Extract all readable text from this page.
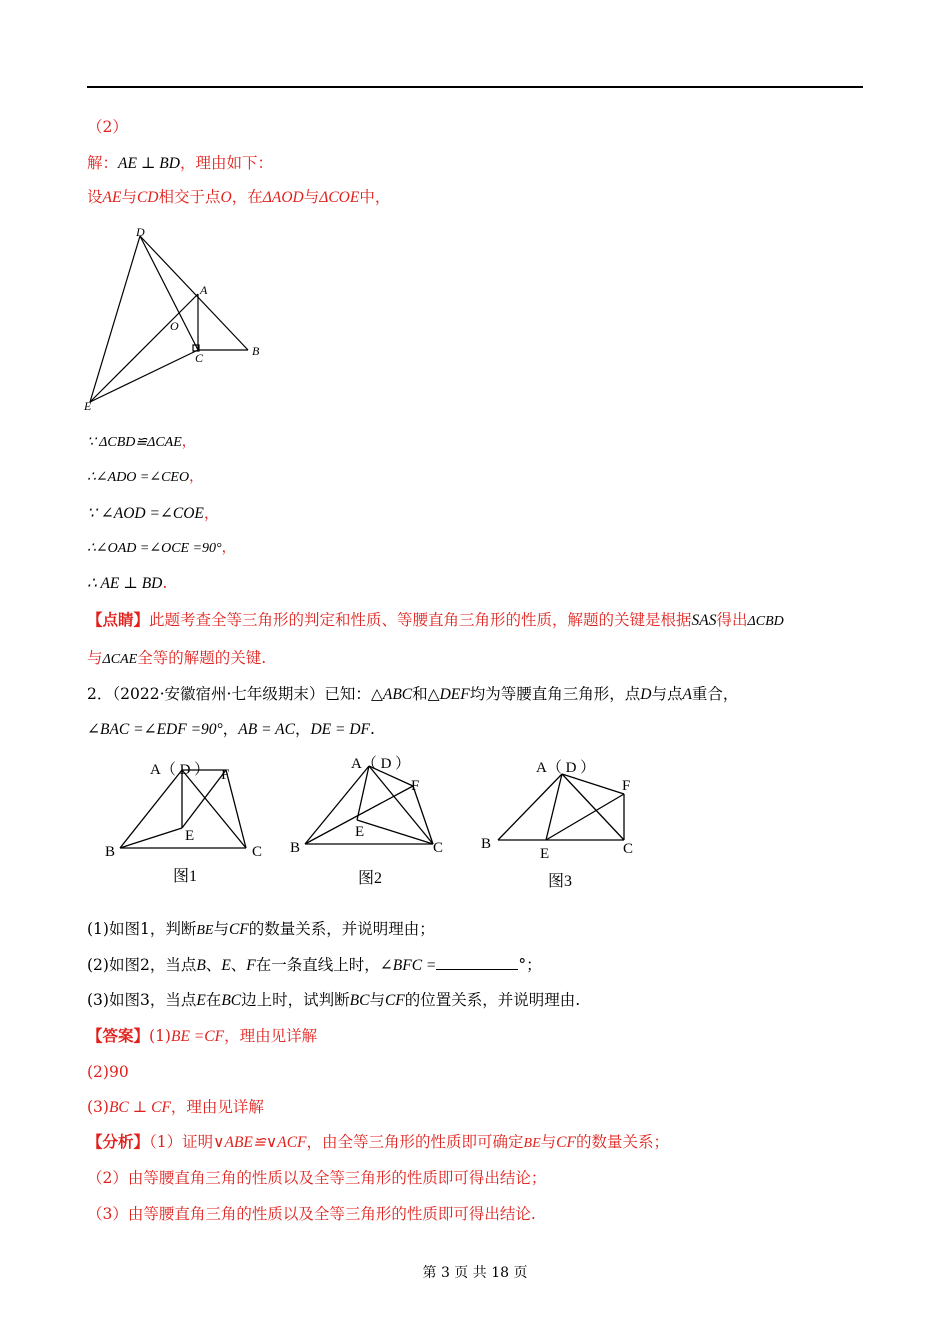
（2）
解：AE ⊥ BD，理由如下：
设AE与CD相交于点O，在ΔAOD与ΔCOE中，
D
A
O
C	B
E
∵ ΔCBD≌ΔCAE，
∴∠ADO =∠CEO，
∵ ∠AOD =∠COE，
∴∠OAD =∠OCE =90°，
∴ AE ⊥ BD.
【点睛】此题考查全等三角形的判定和性质、等腰直角三角形的性质，解题的关键是根据SAS得出ΔCBD
与ΔCAE全等的解题的关键.
2．（2022·安徽宿州·七年级期末）已知：△ABC和△DEF均为等腰直角三角形，点D与点A重合，
∠BAC =∠EDF =90°，AB = AC，DE = DF.
A（ D ） F
E
B	C
图1
A（ D ）
F
E
B	C
图2
A（ D ）
F
E
B	C
图3
(1)如图1，判断BE与CF的数量关系，并说明理由；
(2)如图2，当点B、E、F在一条直线上时，∠BFC =	°；
(3)如图3，当点E在BC边上时，试判断BC与CF的位置关系，并说明理由.
【答案】(1)BE =CF，理由见详解
(2)90
(3)BC ⊥ CF，理由见详解
【分析】（1）证明∨ABE≌∨ACF，由全等三角形的性质即可确定BE与CF的数量关系；
（2）由等腰直角三角的性质以及全等三角形的性质即可得出结论；
（3）由等腰直角三角的性质以及全等三角形的性质即可得出结论.
第 3 页 共 18 页
